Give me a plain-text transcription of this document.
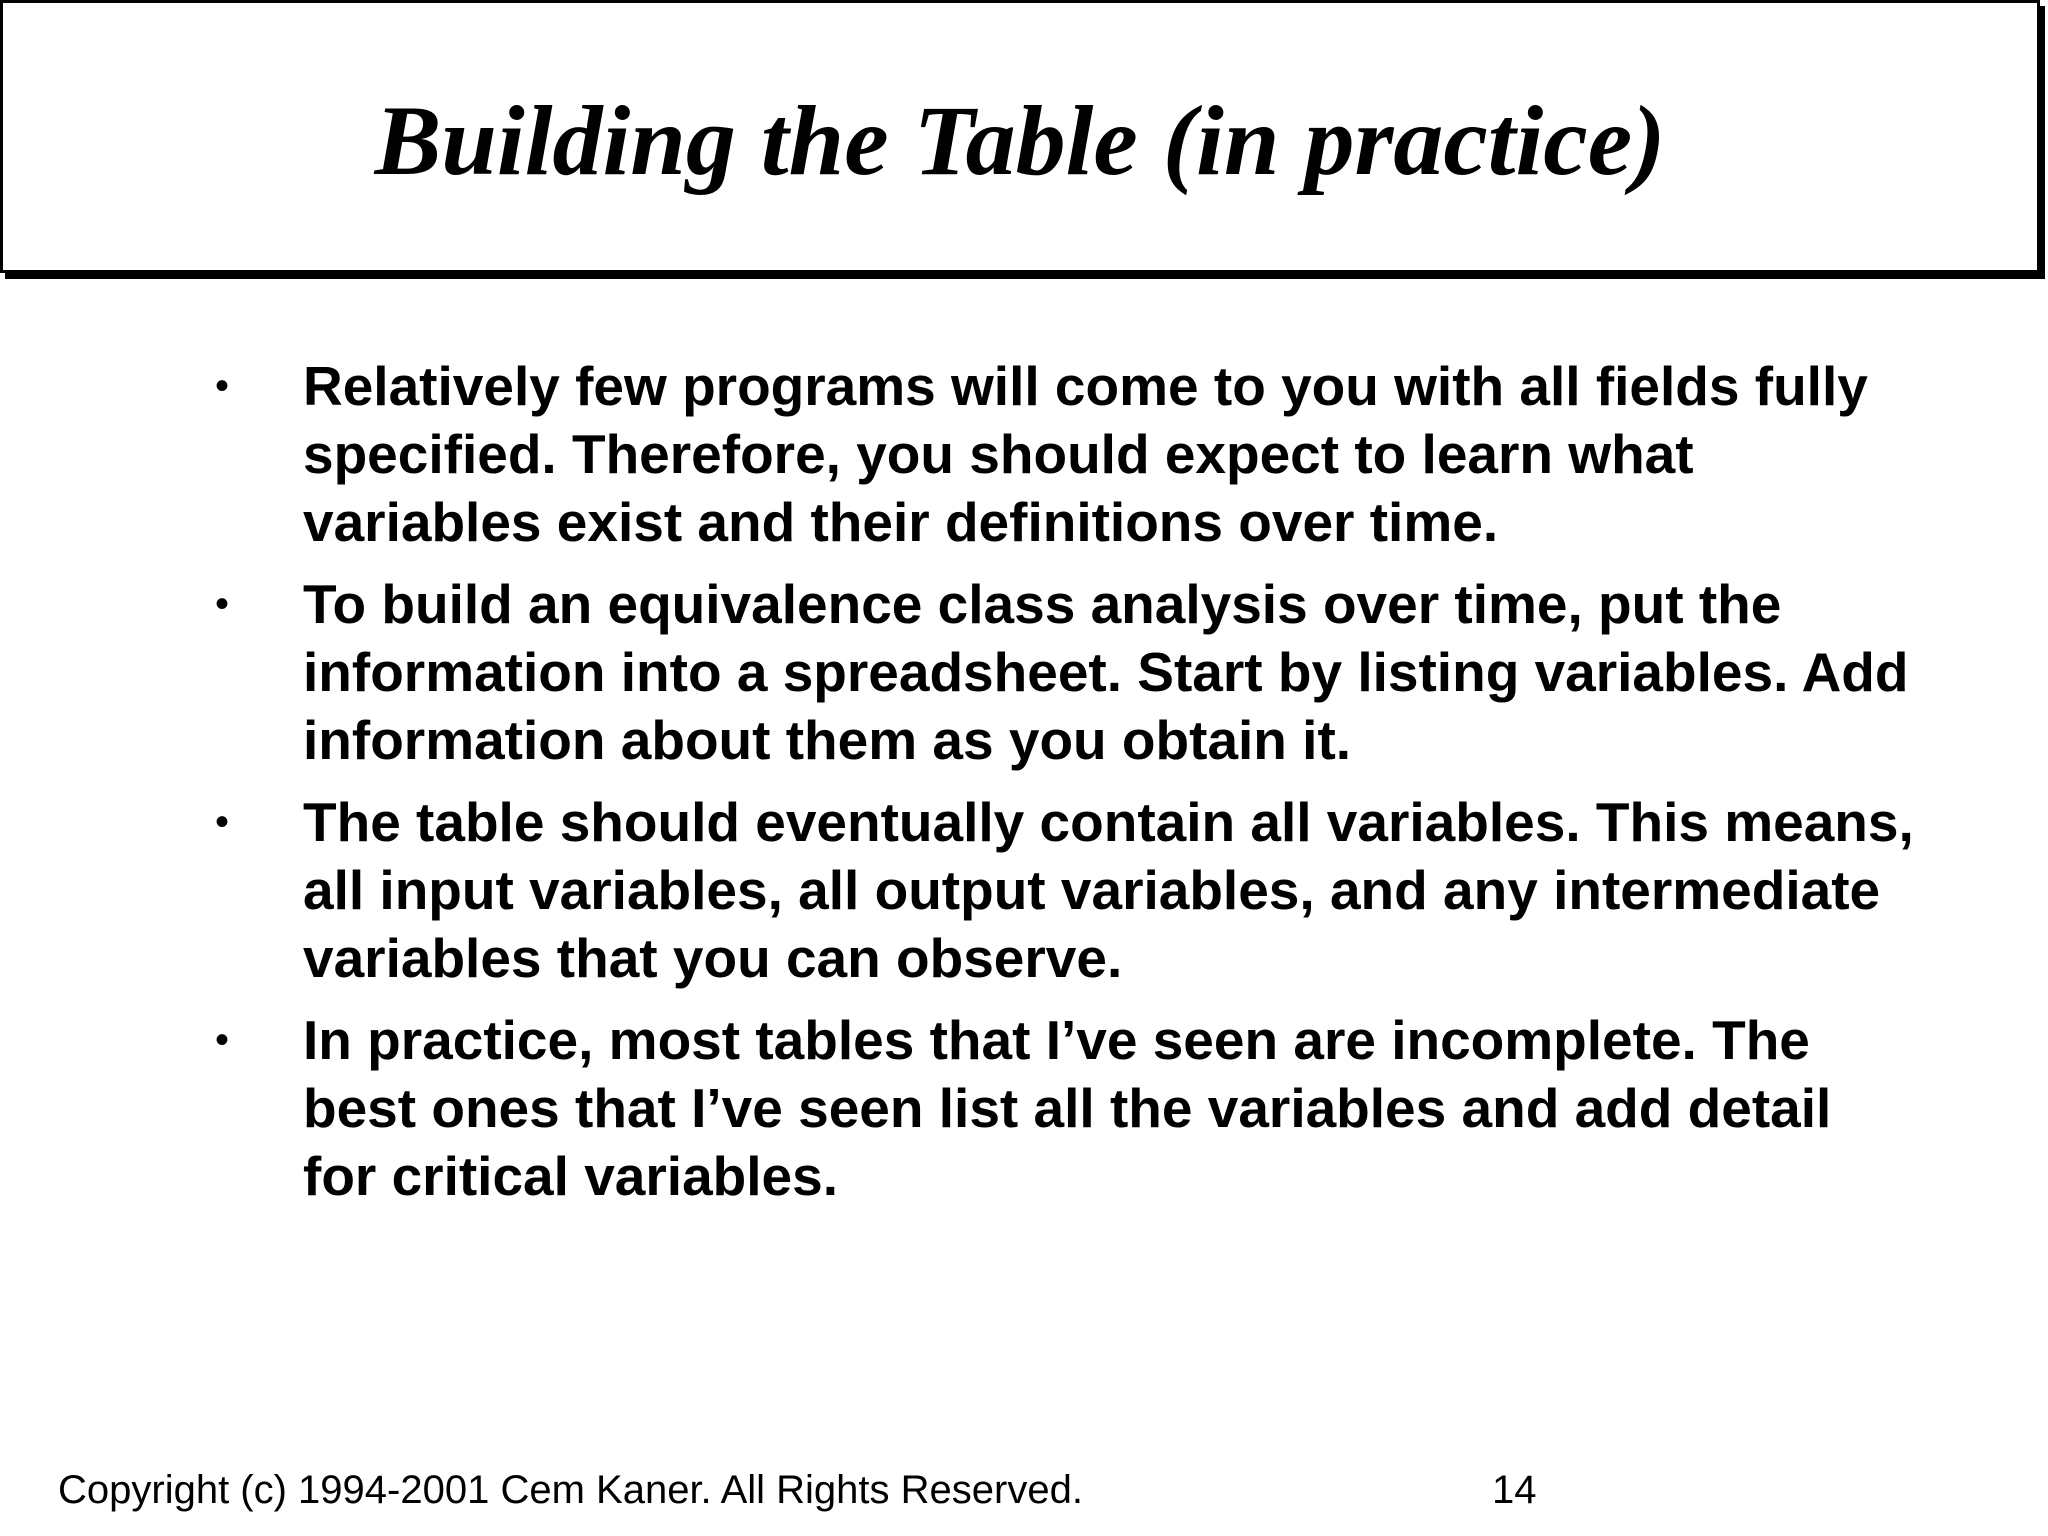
Building the Table (in practice)
• Relatively few programs will come to you with all fields fully specified. Therefore, you should expect to learn what variables exist and their definitions over time.
• To build an equivalence class analysis over time, put the information into a spreadsheet. Start by listing variables. Add information about them as you obtain it.
• The table should eventually contain all variables. This means, all input variables, all output variables, and any intermediate variables that you can observe.
• In practice, most tables that I’ve seen are incomplete. The best ones that I’ve seen list all the variables and add detail for critical variables.
Copyright (c) 1994-2001 Cem Kaner. All Rights Reserved.	14
